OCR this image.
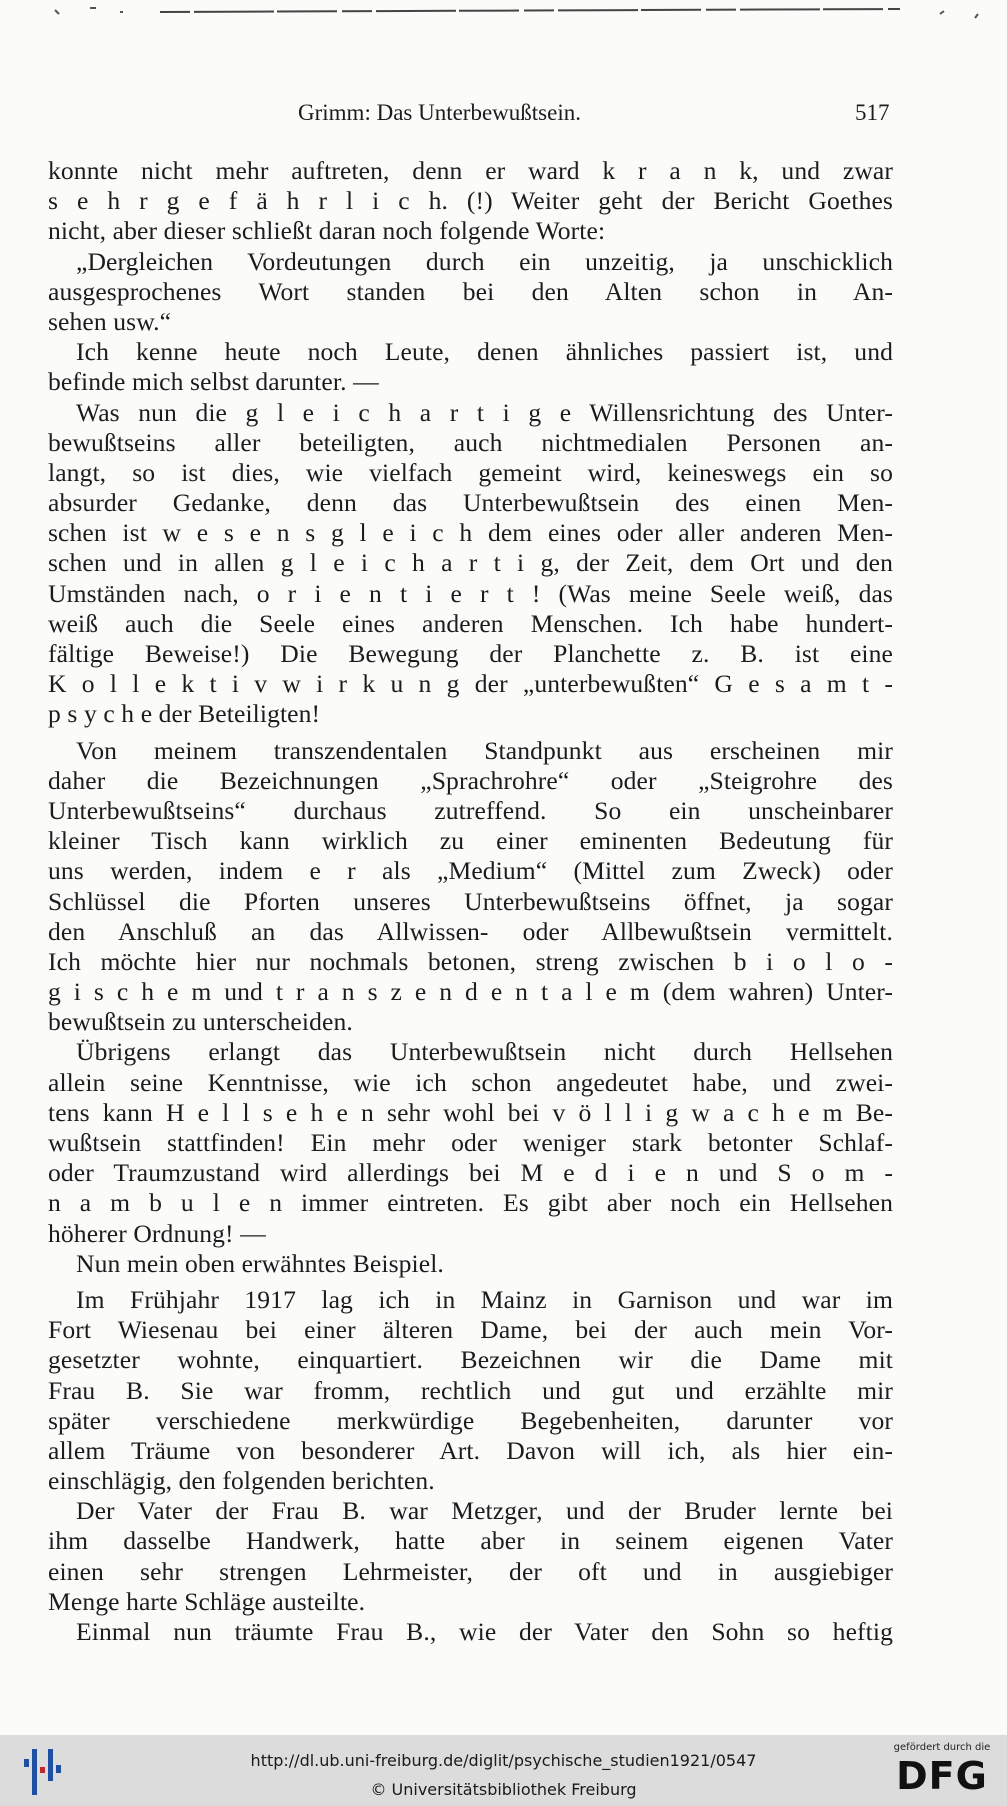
Grimm: Das Unterbewußtsein.	517
konnte nicht mehr auftreten, denn er ward k r a n k, und zwar
s e h r g e f ä h r l i c h. (!) Weiter geht der Bericht Goethes
nicht, aber dieser schließt daran noch folgende Worte:
„Dergleichen Vordeutungen durch ein unzeitig, ja unschicklich
ausgesprochenes Wort standen bei den Alten schon in An-
sehen usw.“
Ich kenne heute noch Leute, denen ähnliches passiert ist, und
befinde mich selbst darunter. —
Was nun die g l e i c h a r t i g e Willensrichtung des Unter-
bewußtseins aller beteiligten, auch nichtmedialen Personen an-
langt, so ist dies, wie vielfach gemeint wird, keineswegs ein so
absurder Gedanke, denn das Unterbewußtsein des einen Men-
schen ist w e s e n s g l e i c h dem eines oder aller anderen Men-
schen und in allen g l e i c h a r t i g, der Zeit, dem Ort und den
Umständen nach, o r i e n t i e r t ! (Was meine Seele weiß, das
weiß auch die Seele eines anderen Menschen. Ich habe hundert-
fältige Beweise!) Die Bewegung der Planchette z. B. ist eine
K o l l e k t i v w i r k u n g der „unterbewußten“ G e s a m t -
p s y c h e der Beteiligten!
Von meinem transzendentalen Standpunkt aus erscheinen mir
daher die Bezeichnungen „Sprachrohre“ oder „Steigrohre des
Unterbewußtseins“ durchaus zutreffend. So ein unscheinbarer
kleiner Tisch kann wirklich zu einer eminenten Bedeutung für
uns werden, indem e r als „Medium“ (Mittel zum Zweck) oder
Schlüssel die Pforten unseres Unterbewußtseins öffnet, ja sogar
den Anschluß an das Allwissen- oder Allbewußtsein vermittelt.
Ich möchte hier nur nochmals betonen, streng zwischen b i o l o -
g i s c h e m und t r a n s z e n d e n t a l e m (dem wahren) Unter-
bewußtsein zu unterscheiden.
Übrigens erlangt das Unterbewußtsein nicht durch Hellsehen
allein seine Kenntnisse, wie ich schon angedeutet habe, und zwei-
tens kann H e l l s e h e n sehr wohl bei v ö l l i g w a c h e m Be-
wußtsein stattfinden! Ein mehr oder weniger stark betonter Schlaf-
oder Traumzustand wird allerdings bei M e d i e n und S o m -
n a m b u l e n immer eintreten. Es gibt aber noch ein Hellsehen
höherer Ordnung! —
Nun mein oben erwähntes Beispiel.
Im Frühjahr 1917 lag ich in Mainz in Garnison und war im
Fort Wiesenau bei einer älteren Dame, bei der auch mein Vor-
gesetzter wohnte, einquartiert. Bezeichnen wir die Dame mit
Frau B. Sie war fromm, rechtlich und gut und erzählte mir
später verschiedene merkwürdige Begebenheiten, darunter vor
allem Träume von besonderer Art. Davon will ich, als hier ein-
einschlägig, den folgenden berichten.
Der Vater der Frau B. war Metzger, und der Bruder lernte bei
ihm dasselbe Handwerk, hatte aber in seinem eigenen Vater
einen sehr strengen Lehrmeister, der oft und in ausgiebiger
Menge harte Schläge austeilte.
Einmal nun träumte Frau B., wie der Vater den Sohn so heftig
http://dl.ub.uni-freiburg.de/diglit/psychische_studien1921/0547
© Universitätsbibliothek Freiburg
gefördert durch die
DFG
